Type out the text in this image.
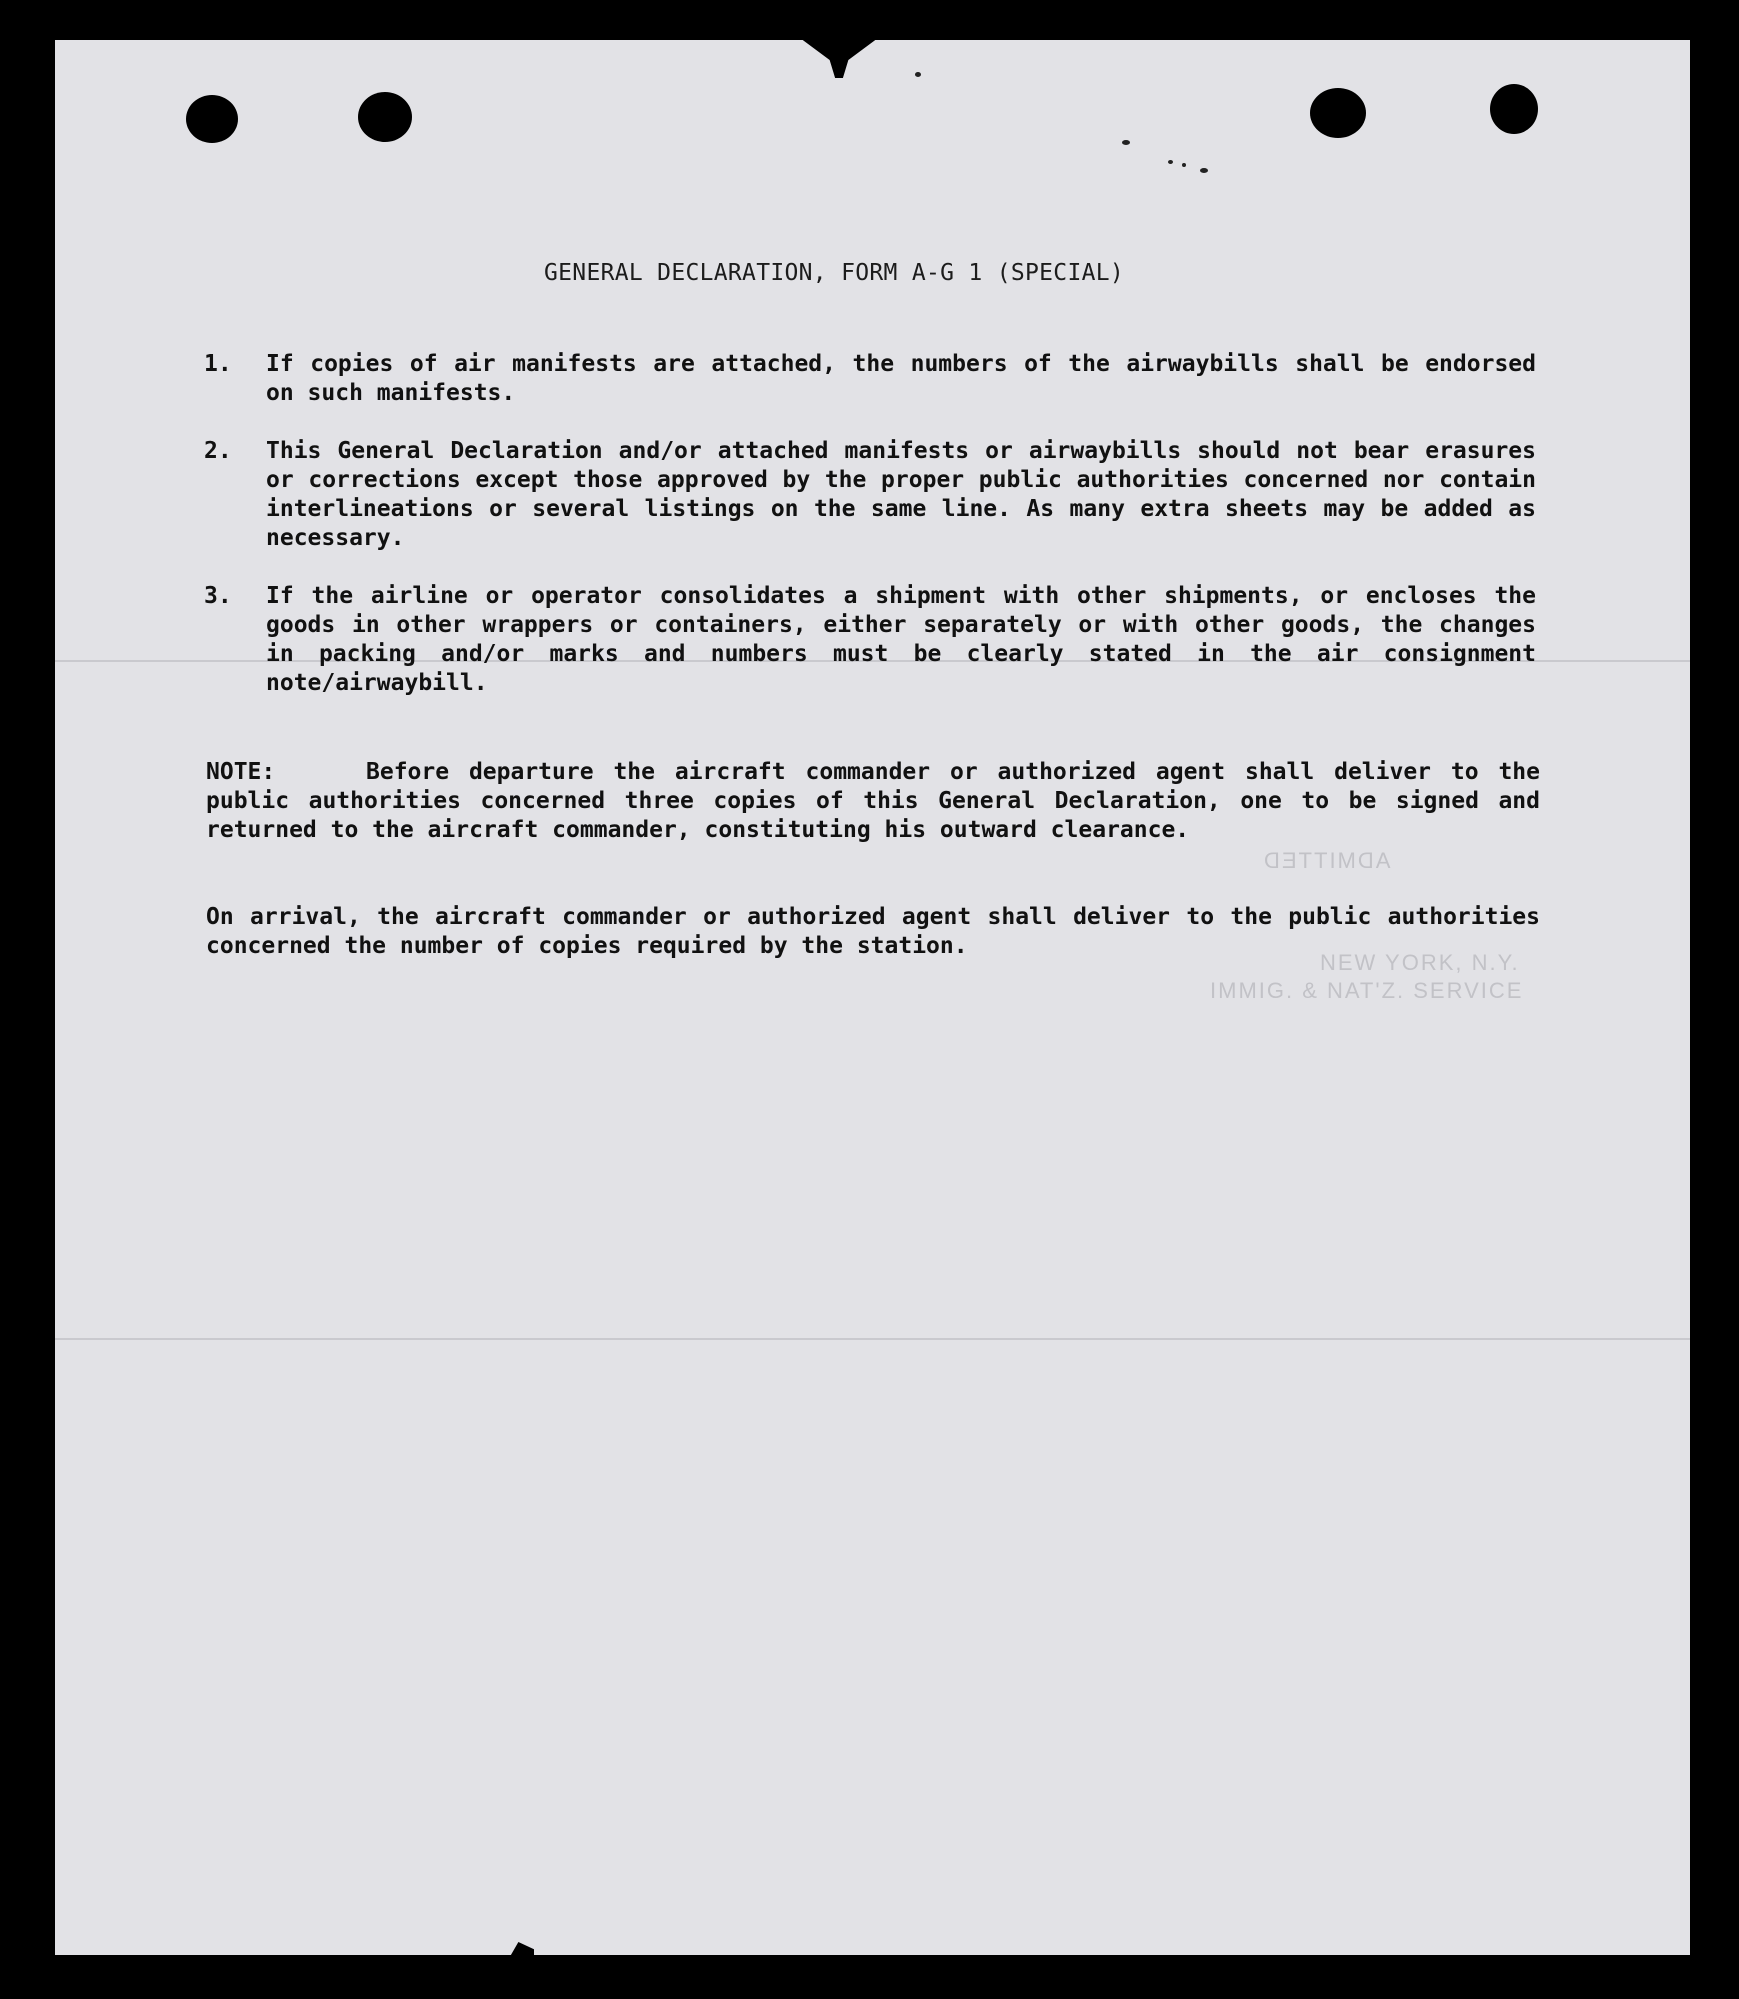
ADMITTED
NEW YORK, N.Y.
IMMIG. & NAT'Z. SERVICE
GENERAL DECLARATION, FORM A-G 1 (SPECIAL)
1. If copies of air manifests are attached, the numbers of the airwaybills shall be endorsed on such manifests.
2. This General Declaration and/or attached manifests or airwaybills should not bear erasures or corrections except those approved by the proper public authorities concerned nor contain interlineations or several listings on the same line. As many extra sheets may be added as necessary.
3. If the airline or operator consolidates a shipment with other shipments, or encloses the goods in other wrappers or containers, either separately or with other goods, the changes in packing and/or marks and numbers must be clearly stated in the air consignment note/airwaybill.
NOTE:	Before departure the aircraft commander or authorized agent shall deliver to the public authorities concerned three copies of this General Declaration, one to be signed and returned to the aircraft commander, constituting his outward clearance.
On arrival, the aircraft commander or authorized agent shall deliver to the public authorities concerned the number of copies required by the station.
